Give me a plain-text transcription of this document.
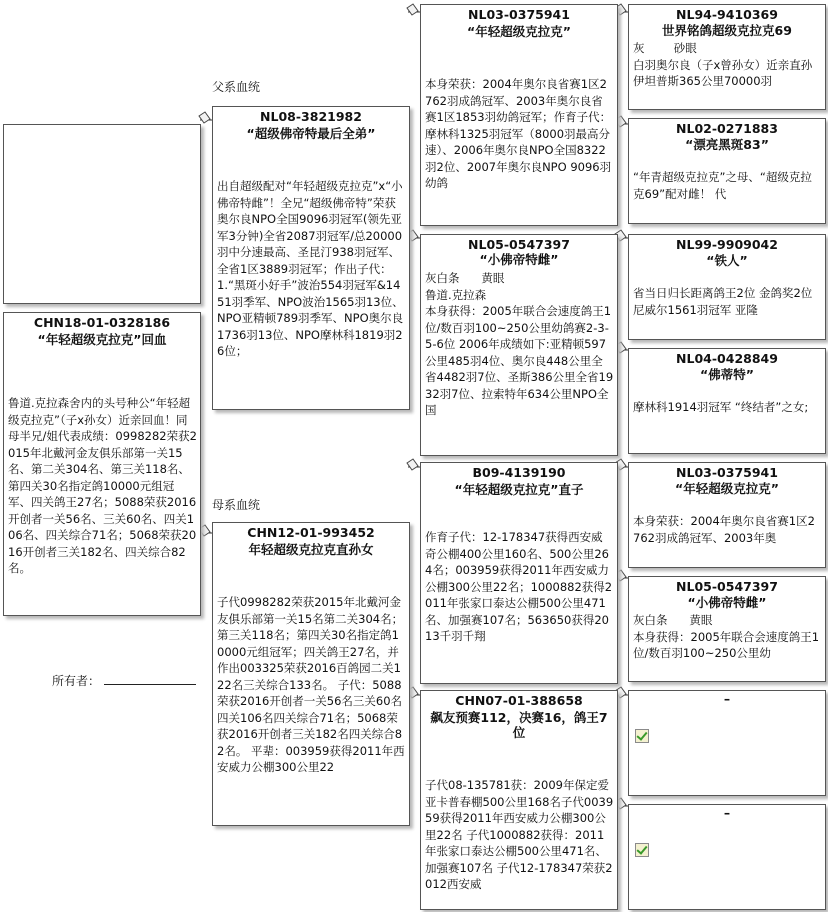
父系血统
母系血统
所有者：
CHN18-01-0328186
“年轻超级克拉克”回血
鲁道.克拉森舍内的头号种公“年轻超级克拉克”（子x孙女）近亲回血！同母半兄/姐代表成绩：0998282荣获2015年北戴河金友俱乐部第一关15名、第二关304名、第三关118名、第四关30名指定鸽10000元组冠军、四关鸽王27名；5088荣获2016开创者一关56名、三关60名、四关106名、四关综合71名；5068荣获2016开创者三关182名、四关综合82名。
NL08-3821982
“超级佛帝特最后全弟”
出自超级配对“年轻超级克拉克”x“小佛帝特雌”！全兄“超级佛帝特”荣获奥尔良NPO全国9096羽冠军(领先亚军3分钟)全省2087羽冠军/总20000羽中分速最高、圣昆汀938羽冠军、全省1区3889羽冠军；作出子代：1.“黑斑小好手”波治554羽冠军&1451羽季军、NPO波治1565羽13位、NPO亚精顿789羽季军、NPO奥尔良1736羽13位、NPO摩林科1819羽26位；
CHN12-01-993452
年轻超级克拉克直孙女
子代0998282荣获2015年北戴河金友俱乐部第一关15名第二关304名；第三关118名；第四关30名指定鸽10000元组冠军；四关鸽王27名，并作出003325荣获2016百鸽园二关122名三关综合133名。 子代：5088荣获2016开创者一关56名三关60名四关106名四关综合71名；5068荣获2016开创者三关182名四关综合82名。 平辈：003959获得2011年西安威力公棚300公里22
NL03-0375941
“年轻超级克拉克”
本身荣获：2004年奥尔良省赛1区2762羽成鸽冠军、2003年奥尔良省赛1区1853羽幼鸽冠军；作育子代：摩林科1325羽冠军（8000羽最高分速）、2006年奥尔良NPO全国8322羽2位、2007年奥尔良NPO 9096羽幼鸽
NL05-0547397
“小佛帝特雌”
灰白条      黄眼
鲁道.克拉森
本身获得：2005年联合会速度鸽王1位/数百羽100~250公里幼鸽赛2-3-5-6位 2006年成绩如下:亚精顿597公里485羽4位、奥尔良448公里全省4482羽7位、圣斯386公里全省1932羽7位、拉索特年634公里NPO全国
B09-4139190
“年轻超级克拉克”直子
作育子代：12-178347获得西安威奇公棚400公里160名、500公里264名；003959获得2011年西安威力公棚300公里22名；1000882获得2011年张家口泰达公棚500公里471名、加强赛107名；563650获得2013千羽千翔
CHN07-01-388658
飙友预赛112，决赛16，鸽王7位
子代08-135781获：2009年保定爱亚卡普春棚500公里168名子代003959获得2011年西安威力公棚300公里22名 子代1000882获得：2011年张家口泰达公棚500公里471名、加强赛107名 子代12-178347荣获2012西安威
NL94-9410369
世界铭鸽超级克拉克69
灰        砂眼
白羽奥尔良（子x曾孙女）近亲直孙伊坦普斯365公里70000羽
NL02-0271883
“漂亮黑斑83”
“年青超级克拉克”之母、“超级克拉克69”配对雌！ 代
NL99-9909042
“铁人”
省当日归长距离鸽王2位 金鸽奖2位尼威尔1561羽冠军 亚隆
NL04-0428849
“佛蒂特”
摩林科1914羽冠军 “终结者”之女;
NL03-0375941
“年轻超级克拉克”
本身荣获：2004年奥尔良省赛1区2762羽成鸽冠军、2003年奥
NL05-0547397
“小佛帝特雌”
灰白条      黄眼
本身获得：2005年联合会速度鸽王1位/数百羽100~250公里幼
–
–
